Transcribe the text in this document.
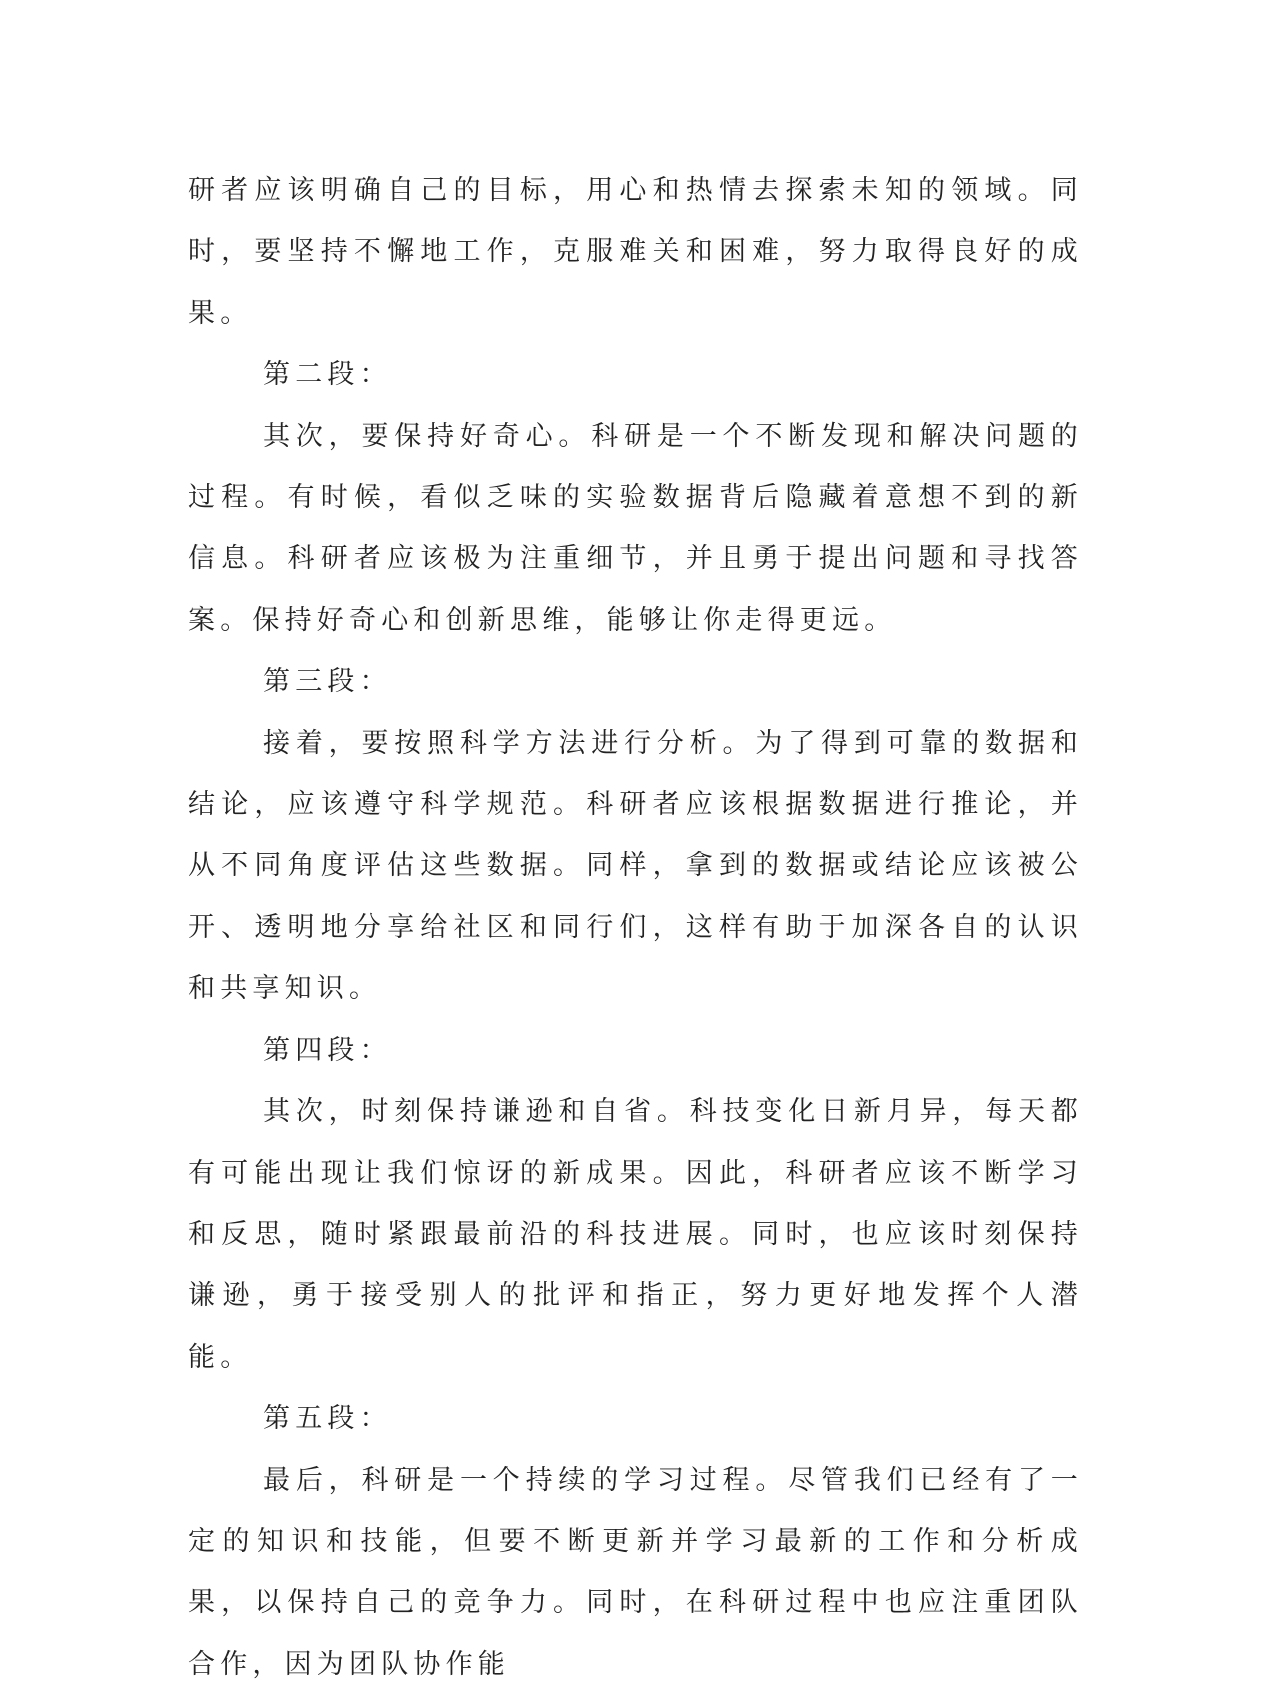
研者应该明确自己的目标，用心和热情去探索未知的领域。同时，要坚持不懈地工作，克服难关和困难，努力取得良好的成果。

第二段：

其次，要保持好奇心。科研是一个不断发现和解决问题的过程。有时候，看似乏味的实验数据背后隐藏着意想不到的新信息。科研者应该极为注重细节，并且勇于提出问题和寻找答案。保持好奇心和创新思维，能够让你走得更远。

第三段：

接着，要按照科学方法进行分析。为了得到可靠的数据和结论，应该遵守科学规范。科研者应该根据数据进行推论，并从不同角度评估这些数据。同样，拿到的数据或结论应该被公开、透明地分享给社区和同行们，这样有助于加深各自的认识和共享知识。

第四段：

其次，时刻保持谦逊和自省。科技变化日新月异，每天都有可能出现让我们惊讶的新成果。因此，科研者应该不断学习和反思，随时紧跟最前沿的科技进展。同时，也应该时刻保持谦逊，勇于接受别人的批评和指正，努力更好地发挥个人潜能。

第五段：

最后，科研是一个持续的学习过程。尽管我们已经有了一定的知识和技能，但要不断更新并学习最新的工作和分析成果，以保持自己的竞争力。同时，在科研过程中也应注重团队合作，因为团队协作能
